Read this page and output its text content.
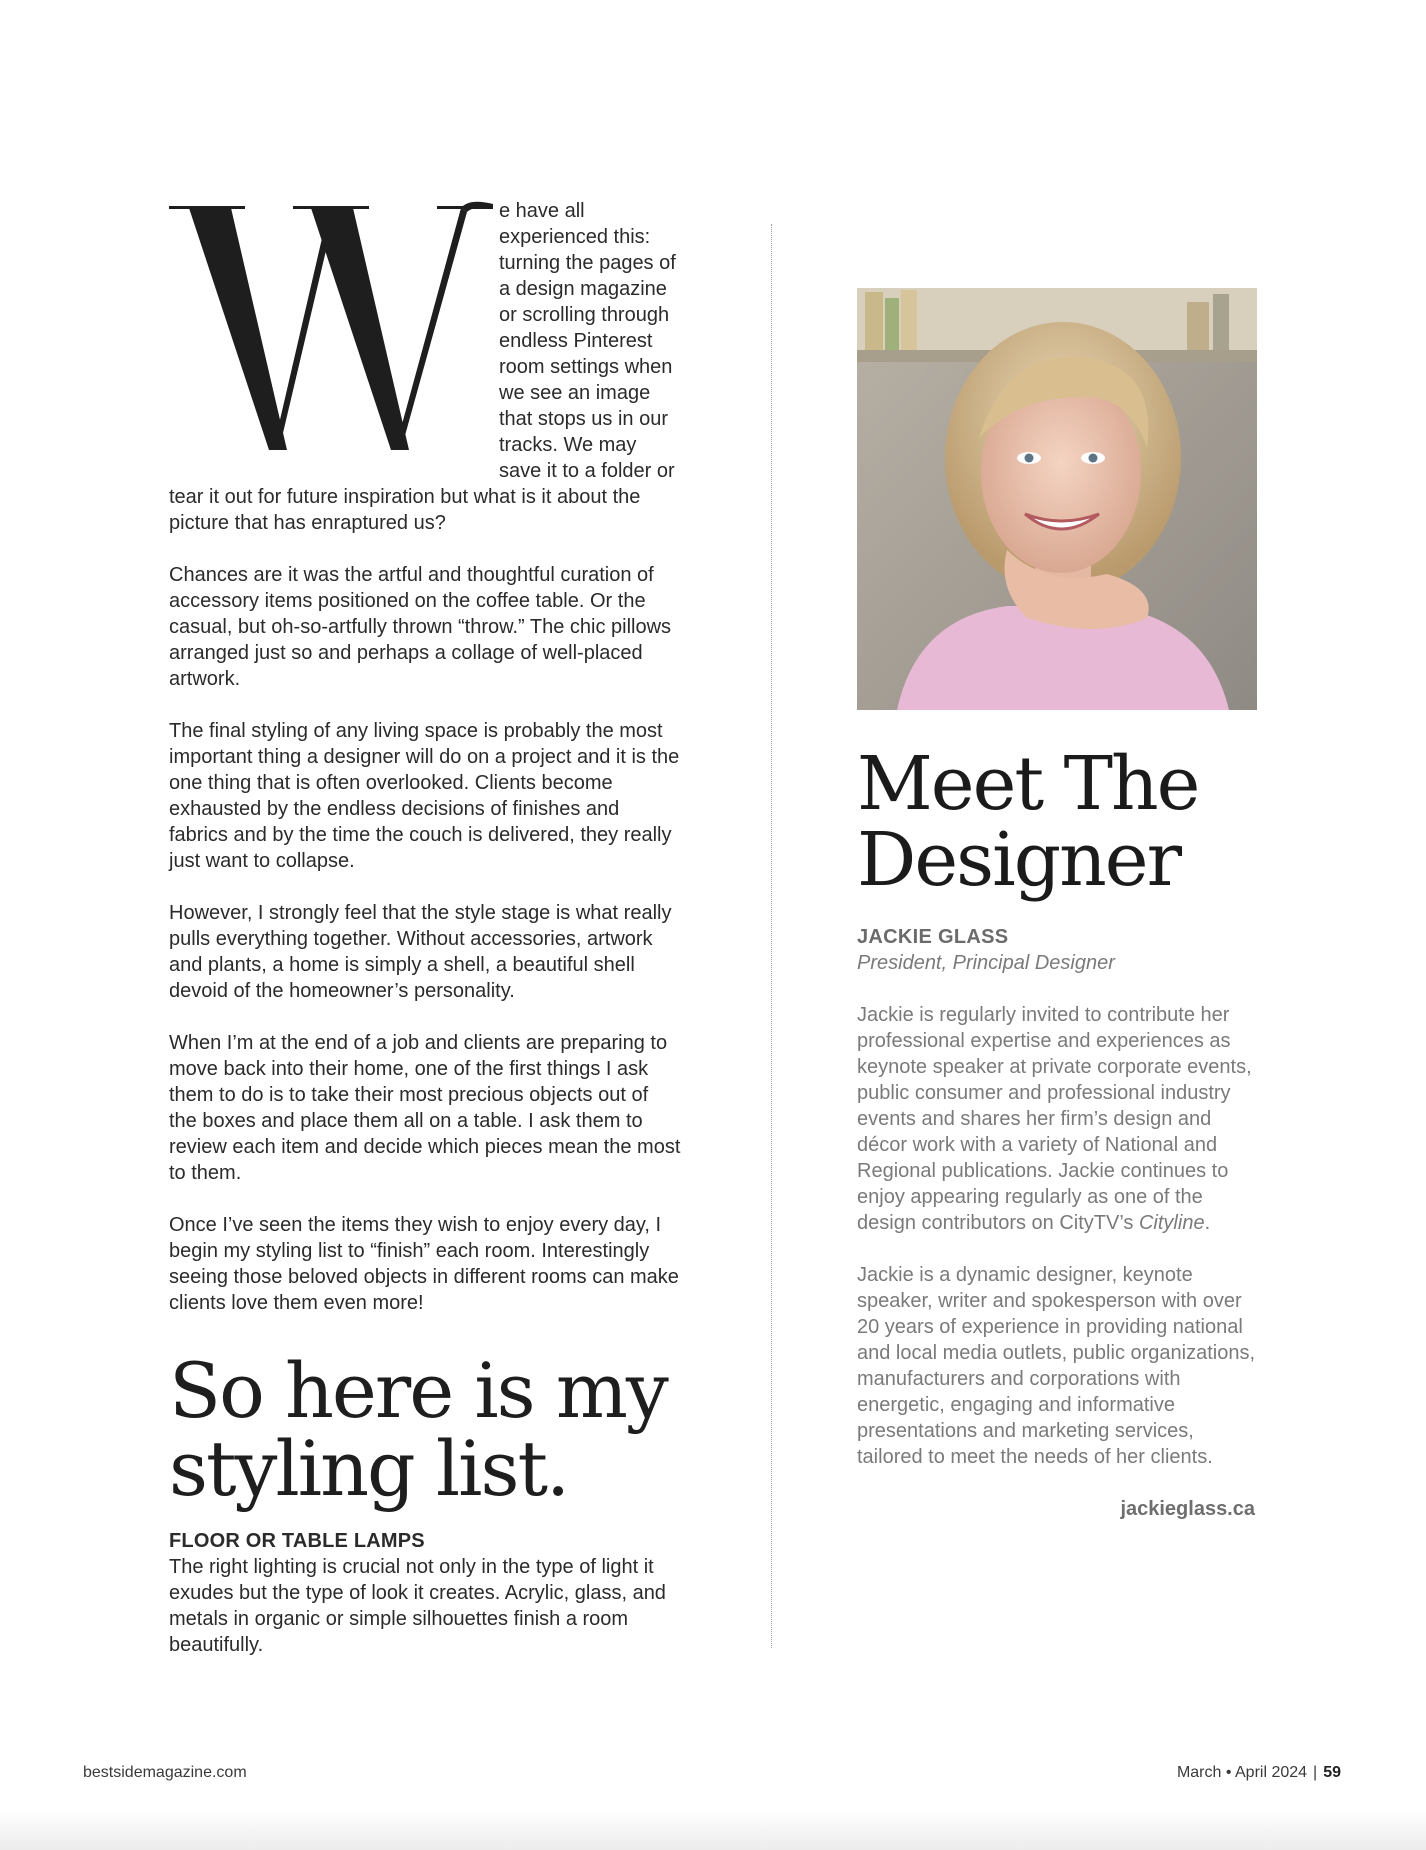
e have all experienced this: turning the pages of a design magazine or scrolling through endless Pinterest room settings when we see an image that stops us in our tracks. We may save it to a folder or tear it out for future inspiration but what is it about the picture that has enraptured us?

Chances are it was the artful and thoughtful curation of accessory items positioned on the coffee table. Or the casual, but oh-so-artfully thrown “throw.” The chic pillows arranged just so and perhaps a collage of well-placed artwork.

The final styling of any living space is probably the most important thing a designer will do on a project and it is the one thing that is often overlooked. Clients become exhausted by the endless decisions of finishes and fabrics and by the time the couch is delivered, they really just want to collapse.

However, I strongly feel that the style stage is what really pulls everything together. Without accessories, artwork and plants, a home is simply a shell, a beautiful shell devoid of the homeowner’s personality.

When I’m at the end of a job and clients are preparing to move back into their home, one of the first things I ask them to do is to take their most precious objects out of the boxes and place them all on a table. I ask them to review each item and decide which pieces mean the most to them.

Once I’ve seen the items they wish to enjoy every day, I begin my styling list to “finish” each room. Interestingly seeing those beloved objects in different rooms can make clients love them even more!

So here is my styling list.
FLOOR OR TABLE LAMPS

The right lighting is crucial not only in the type of light it exudes but the type of look it creates. Acrylic, glass, and metals in organic or simple silhouettes finish a room beautifully.

Meet The Designer

JACKIE GLASS

President, Principal Designer

Jackie is regularly invited to contribute her professional expertise and experiences as keynote speaker at private corporate events, public consumer and professional industry events and shares her firm’s design and décor work with a variety of National and Regional publications. Jackie continues to enjoy appearing regularly as one of the design contributors on CityTV’s Cityline.

Jackie is a dynamic designer, keynote speaker, writer and spokesperson with over 20 years of experience in providing national and local media outlets, public organizations, manufacturers and corporations with energetic, engaging and informative presentations and marketing services, tailored to meet the needs of her clients.

jackieglass.ca

bestsidemagazine.com	March • April 2024 | 59
